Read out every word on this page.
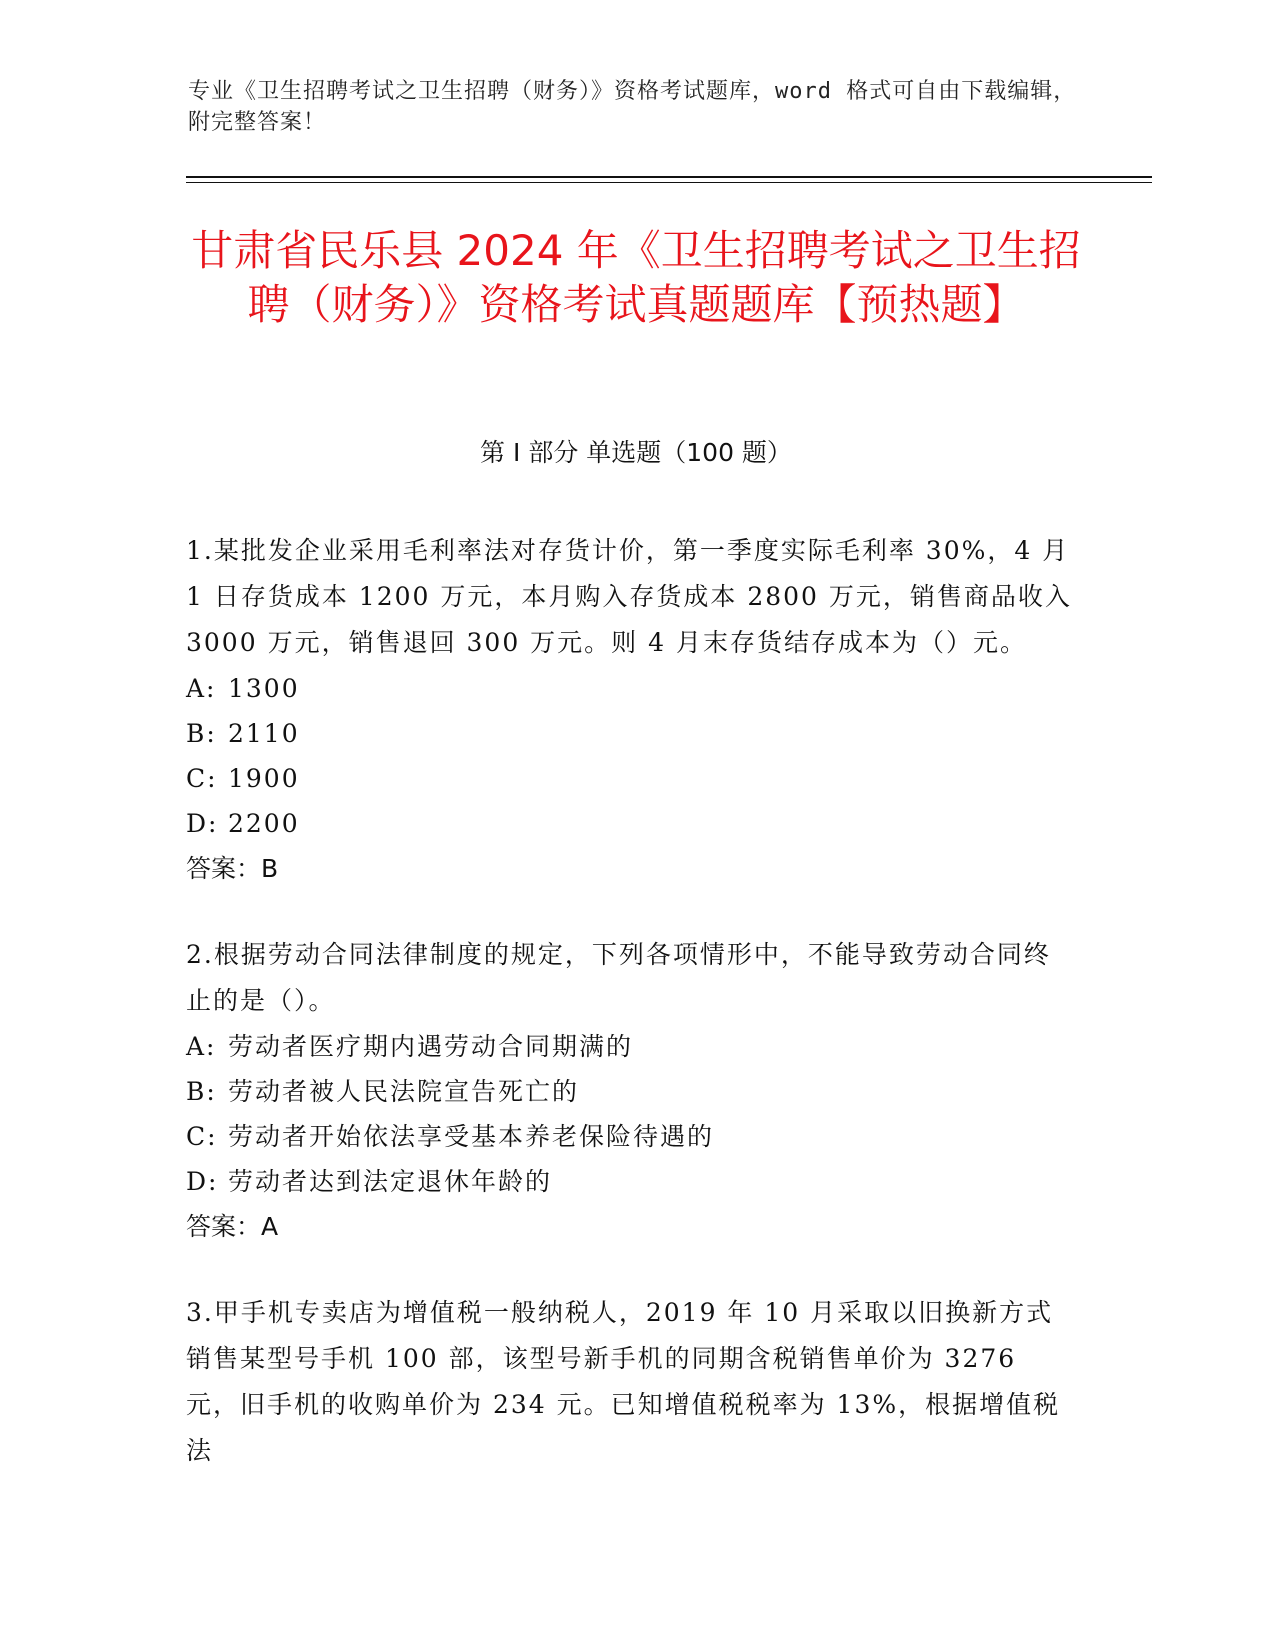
专业《卫生招聘考试之卫生招聘（财务）》资格考试题库，word 格式可自由下载编辑，附完整答案！
甘肃省民乐县 2024 年《卫生招聘考试之卫生招聘（财务）》资格考试真题题库【预热题】
第 I 部分 单选题（100 题）

1.某批发企业采用毛利率法对存货计价，第一季度实际毛利率 30%，4 月 1 日存货成本 1200 万元，本月购入存货成本 2800 万元，销售商品收入 3000 万元，销售退回 300 万元。则 4 月末存货结存成本为（）元。

A: 1300

B: 2110

C: 1900

D: 2200

答案：B

2.根据劳动合同法律制度的规定，下列各项情形中，不能导致劳动合同终止的是（）。

A: 劳动者医疗期内遇劳动合同期满的

B: 劳动者被人民法院宣告死亡的

C: 劳动者开始依法享受基本养老保险待遇的

D: 劳动者达到法定退休年龄的

答案：A

3.甲手机专卖店为增值税一般纳税人，2019 年 10 月采取以旧换新方式销售某型号手机 100 部，该型号新手机的同期含税销售单价为 3276 元，旧手机的收购单价为 234 元。已知增值税税率为 13%，根据增值税法
